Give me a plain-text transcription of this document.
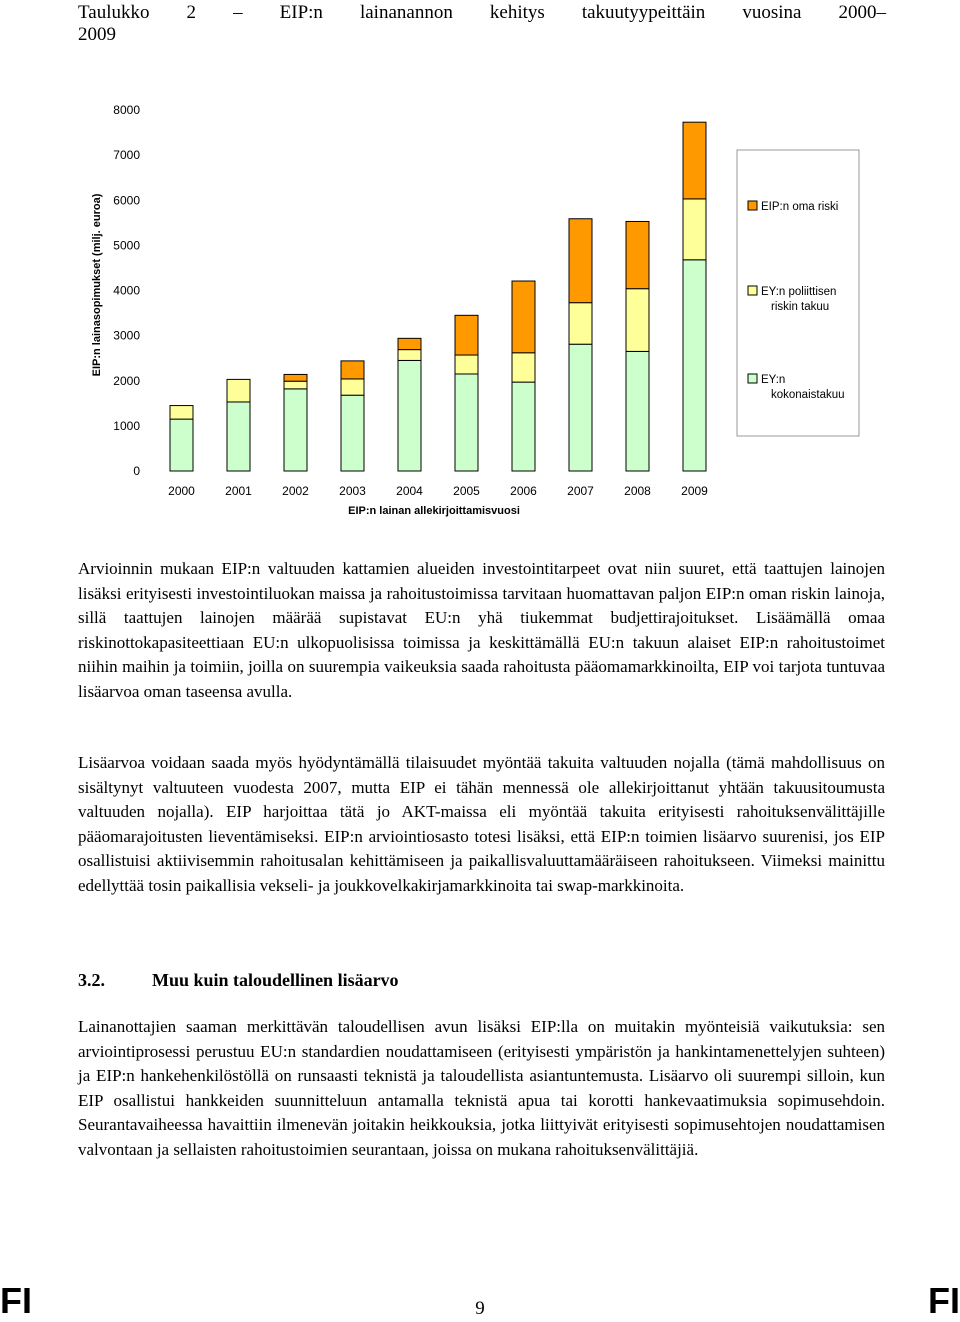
Taulukko 2 – EIP:n lainanannon kehitys takuutyypeittäin vuosina 2000–
2009
0
1000
2000
3000
4000
5000
6000
7000
8000
2000	2001	2002	2003	2004	2005	2006	2007	2008	2009
EIP:n lainasopimukset (milj. euroa)
EIP:n lainan allekirjoittamisvuosi
EIP:n oma riski
EY:n poliittisen riskin takuu
EY:n kokonaistakuu

Arvioinnin mukaan EIP:n valtuuden kattamien alueiden investointitarpeet ovat niin suuret, että taattujen lainojen lisäksi erityisesti investointiluokan maissa ja rahoitustoimissa tarvitaan huomattavan paljon EIP:n oman riskin lainoja, sillä taattujen lainojen määrää supistavat EU:n yhä tiukemmat budjettirajoitukset. Lisäämällä omaa riskinottokapasiteettiaan EU:n ulkopuolisissa toimissa ja keskittämällä EU:n takuun alaiset EIP:n rahoitustoimet niihin maihin ja toimiin, joilla on suurempia vaikeuksia saada rahoitusta pääomamarkkinoilta, EIP voi tarjota tuntuvaa lisäarvoa oman taseensa avulla.

Lisäarvoa voidaan saada myös hyödyntämällä tilaisuudet myöntää takuita valtuuden nojalla (tämä mahdollisuus on sisältynyt valtuuteen vuodesta 2007, mutta EIP ei tähän mennessä ole allekirjoittanut yhtään takuusitoumusta valtuuden nojalla). EIP harjoittaa tätä jo AKT-maissa eli myöntää takuita erityisesti rahoituksenvälittäjille pääomarajoitusten lieventämiseksi. EIP:n arviointiosasto totesi lisäksi, että EIP:n toimien lisäarvo suurenisi, jos EIP osallistuisi aktiivisemmin rahoitusalan kehittämiseen ja paikallisvaluuttamääräiseen rahoitukseen. Viimeksi mainittu edellyttää tosin paikallisia vekseli- ja joukkovelkakirjamarkkinoita tai swap-markkinoita.

3.2.	Muu kuin taloudellinen lisäarvo

Lainanottajien saaman merkittävän taloudellisen avun lisäksi EIP:lla on muitakin myönteisiä vaikutuksia: sen arviointiprosessi perustuu EU:n standardien noudattamiseen (erityisesti ympäristön ja hankintamenettelyjen suhteen) ja EIP:n hankehenkilöstöllä on runsaasti teknistä ja taloudellista asiantuntemusta. Lisäarvo oli suurempi silloin, kun EIP osallistui hankkeiden suunnitteluun antamalla teknistä apua tai korotti hankevaatimuksia sopimusehdoin. Seurantavaiheessa havaittiin ilmenevän joitakin heikkouksia, jotka liittyivät erityisesti sopimusehtojen noudattamisen valvontaan ja sellaisten rahoitustoimien seurantaan, joissa on mukana rahoituksenvälittäjiä.

FI	9	FI
